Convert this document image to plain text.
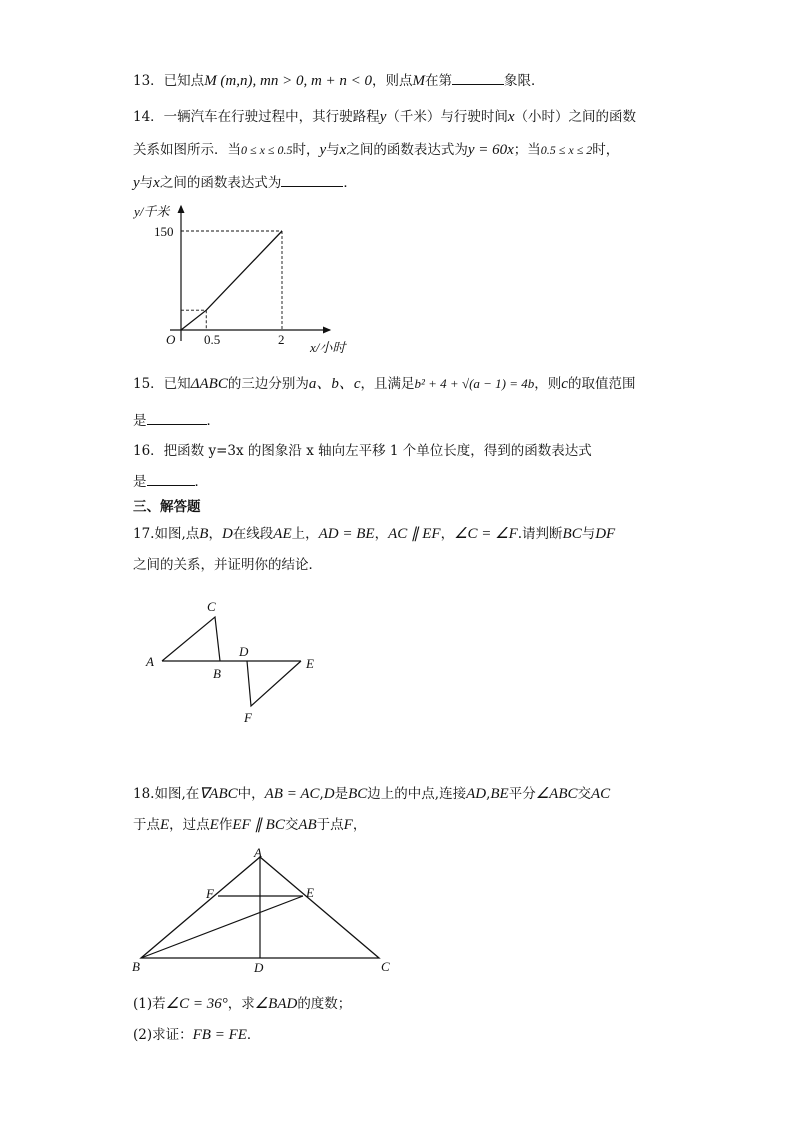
13．已知点M (m,n), mn > 0, m + n < 0，则点M在第	象限．
14．一辆汽车在行驶过程中，其行驶路程y（千米）与行驶时间x（小时）之间的函数
关系如图所示．当0 ≤ x ≤ 0.5时，y与x之间的函数表达式为y = 60x；当0.5 ≤ x ≤ 2时，
y与x之间的函数表达式为	．
y/千米
x/小时
O
150
0.5	2
15．已知ΔABC的三边分别为a、b、c，且满足b² + 4 + √(a − 1) = 4b，则c的取值范围
是	．
16．把函数 y=3x 的图象沿 x 轴向左平移 1 个单位长度，得到的函数表达式
是	．
三、解答题
17.如图,点B，D在线段AE上，AD = BE，AC ∥ EF，∠C = ∠F.请判断BC与DF
之间的关系，并证明你的结论．
A
C
B
D
E
F
18.如图,在∇ABC中，AB = AC,D是BC边上的中点,连接AD,BE平分∠ABC交AC
于点E，过点E作EF ∥ BC交AB于点F，
A
F	E
B	D	C
(1)若∠C = 36°，求∠BAD的度数；
(2)求证：FB = FE．
